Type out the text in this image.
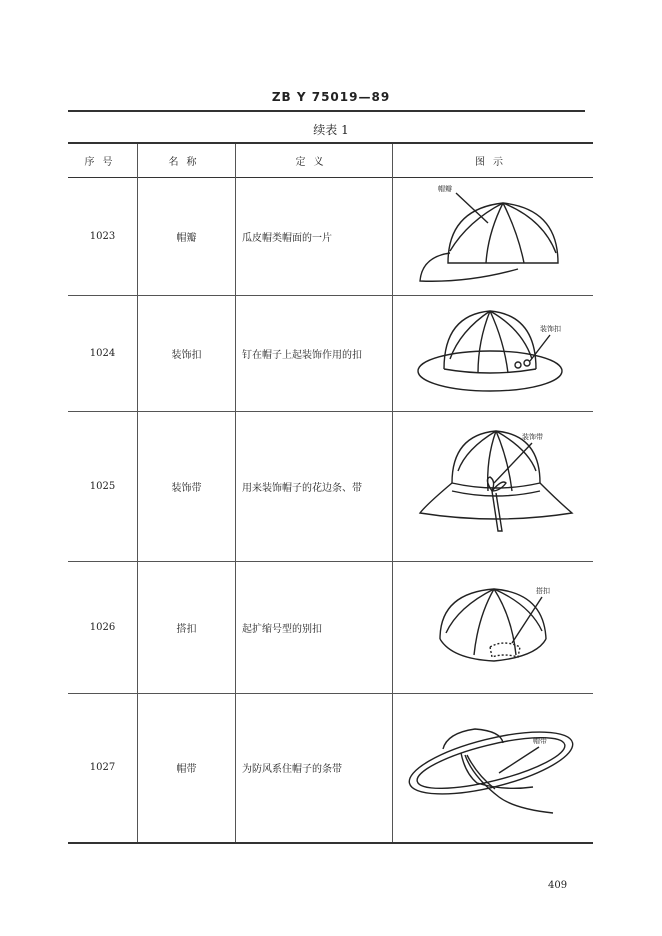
ZB Y 75019—89
续表 1
序号	名称	定义	图示
1023	帽瓣	瓜皮帽类帽面的一片	帽瓣

1024	装饰扣	钉在帽子上起装饰作用的扣	装饰扣

1025	装饰带	用来装饰帽子的花边条、带	装饰带

1026	搭扣	起扩缩号型的别扣	搭扣

1027	帽带	为防风系住帽子的条带	帽带
409
